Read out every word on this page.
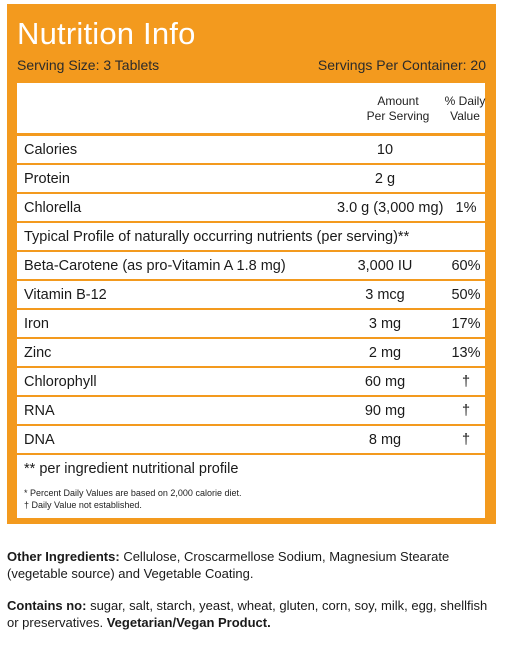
Nutrition Info
Serving Size: 3 Tablets	Servings Per Container: 20
Amount
Per Serving
% Daily
Value
Calories	10
Protein	2 g
Chlorella	3.0 g (3,000 mg) 1%
Typical Profile of naturally occurring nutrients (per serving)**
Beta-Carotene (as pro-Vitamin A 1.8 mg)	3,000 IU	60%
Vitamin B-12	3 mcg	50%
Iron	3 mg	17%
Zinc	2 mg	13%
Chlorophyll	60 mg	†
RNA	90 mg	†
DNA	8 mg	†
** per ingredient nutritional profile
* Percent Daily Values are based on 2,000 calorie diet.
† Daily Value not established.
Other Ingredients: Cellulose, Croscarmellose Sodium, Magnesium Stearate (vegetable source) and Vegetable Coating.
Contains no: sugar, salt, starch, yeast, wheat, gluten, corn, soy, milk, egg, shellfish or preservatives. Vegetarian/Vegan Product.
